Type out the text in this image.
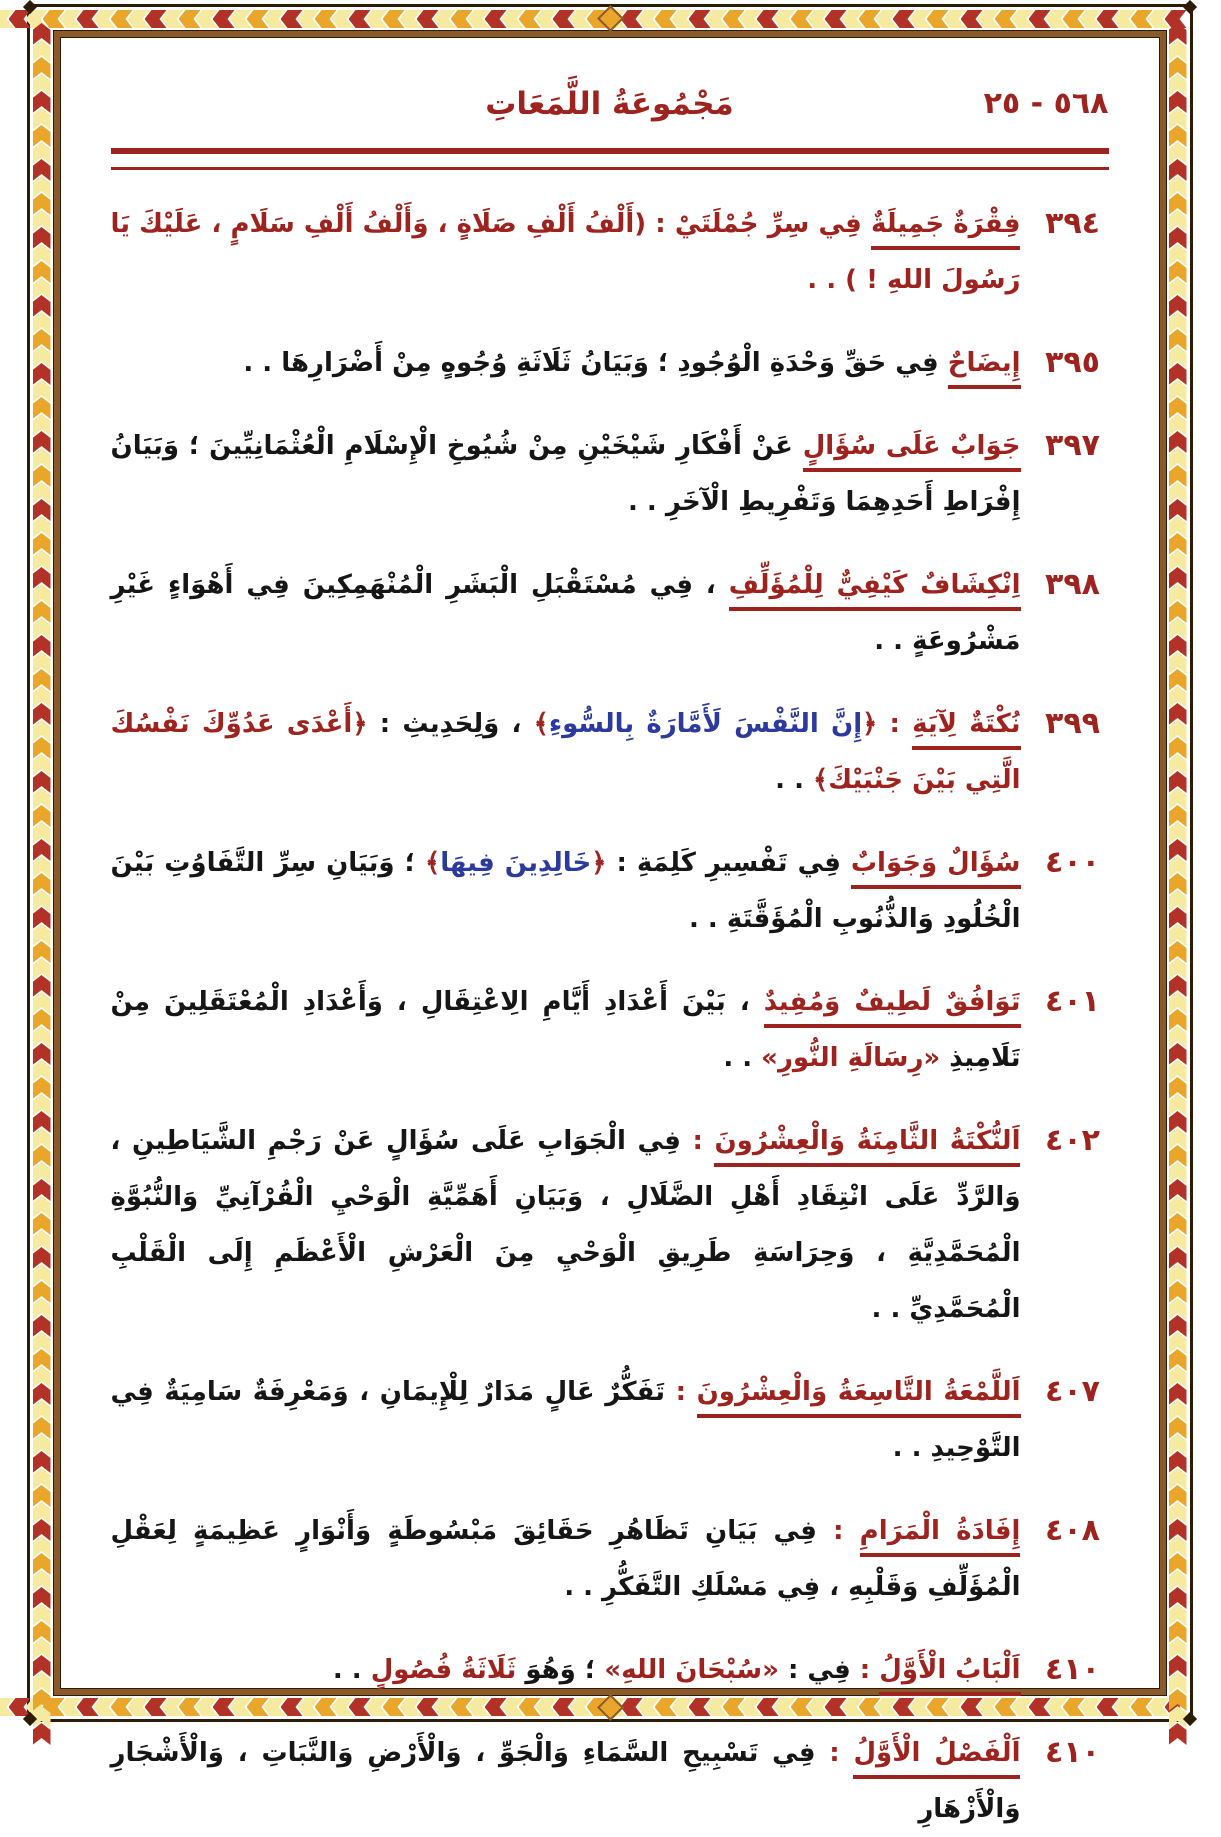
٥٦٨ - ٢٥
مَجْمُوعَةُ اللَّمَعَاتِ
٣٩٤

فِقْرَةٌ جَمِيلَةٌ فِي سِرِّ جُمْلَتَيْ : (أَلْفُ أَلْفِ صَلَاةٍ ، وَأَلْفُ أَلْفِ سَلَامٍ ، عَلَيْكَ يَا رَسُولَ اللهِ ! ) . .

٣٩٥

إِيضَاحٌ فِي حَقِّ وَحْدَةِ الْوُجُودِ ؛ وَبَيَانُ ثَلَاثَةِ وُجُوهٍ مِنْ أَضْرَارِهَا . .

٣٩٧

جَوَابٌ عَلَى سُؤَالٍ عَنْ أَفْكَارِ شَيْخَيْنِ مِنْ شُيُوخِ الْإِسْلَامِ الْعُثْمَانِيِّينَ ؛ وَبَيَانُ إِفْرَاطِ أَحَدِهِمَا وَتَفْرِيطِ الْآخَرِ . .

٣٩٨

اِنْكِشَافٌ كَيْفِيٌّ لِلْمُؤَلِّفِ ، فِي مُسْتَقْبَلِ الْبَشَرِ الْمُنْهَمِكِينَ فِي أَهْوَاءٍ غَيْرِ مَشْرُوعَةٍ . .

٣٩٩

نُكْتَةٌ لِآيَةِ : ﴿إِنَّ النَّفْسَ لَأَمَّارَةٌ بِالسُّوءِ﴾ ، وَلِحَدِيثِ : ﴿أَعْدَى عَدُوِّكَ نَفْسُكَ الَّتِي بَيْنَ جَنْبَيْكَ﴾ . .

٤٠٠

سُؤَالٌ وَجَوَابٌ فِي تَفْسِيرِ كَلِمَةِ : ﴿خَالِدِينَ فِيهَا﴾ ؛ وَبَيَانِ سِرِّ التَّفَاوُتِ بَيْنَ الْخُلُودِ وَالذُّنُوبِ الْمُؤَقَّتَةِ . .

٤٠١

تَوَافُقٌ لَطِيفٌ وَمُفِيدٌ ، بَيْنَ أَعْدَادِ أَيَّامِ الِاعْتِقَالِ ، وَأَعْدَادِ الْمُعْتَقَلِينَ مِنْ تَلَامِيذِ «رِسَالَةِ النُّورِ» . .

٤٠٢

اَلنُّكْتَةُ الثَّامِنَةُ وَالْعِشْرُونَ : فِي الْجَوَابِ عَلَى سُؤَالٍ عَنْ رَجْمِ الشَّيَاطِينِ ، وَالرَّدِّ عَلَى انْتِقَادِ أَهْلِ الضَّلَالِ ، وَبَيَانِ أَهَمِّيَّةِ الْوَحْيِ الْقُرْآنِيِّ وَالنُّبُوَّةِ الْمُحَمَّدِيَّةِ ، وَحِرَاسَةِ طَرِيقِ الْوَحْيِ مِنَ الْعَرْشِ الْأَعْظَمِ إِلَى الْقَلْبِ الْمُحَمَّدِيِّ . .

٤٠٧

اَللَّمْعَةُ التَّاسِعَةُ وَالْعِشْرُونَ : تَفَكُّرٌ عَالٍ مَدَارٌ لِلْإِيمَانِ ، وَمَعْرِفَةٌ سَامِيَةٌ فِي التَّوْحِيدِ . .

٤٠٨

إِفَادَةُ الْمَرَامِ : فِي بَيَانِ تَظَاهُرِ حَقَائِقَ مَبْسُوطَةٍ وَأَنْوَارٍ عَظِيمَةٍ لِعَقْلِ الْمُؤَلِّفِ وَقَلْبِهِ ، فِي مَسْلَكِ التَّفَكُّرِ . .

٤١٠

اَلْبَابُ الْأَوَّلُ : فِي : «سُبْحَانَ اللهِ» ؛ وَهُوَ ثَلَاثَةُ فُصُولٍ . .

٤١٠

اَلْفَصْلُ الْأَوَّلُ : فِي تَسْبِيحِ السَّمَاءِ وَالْجَوِّ ، وَالْأَرْضِ وَالنَّبَاتِ ، وَالْأَشْجَارِ وَالْأَزْهَارِ
